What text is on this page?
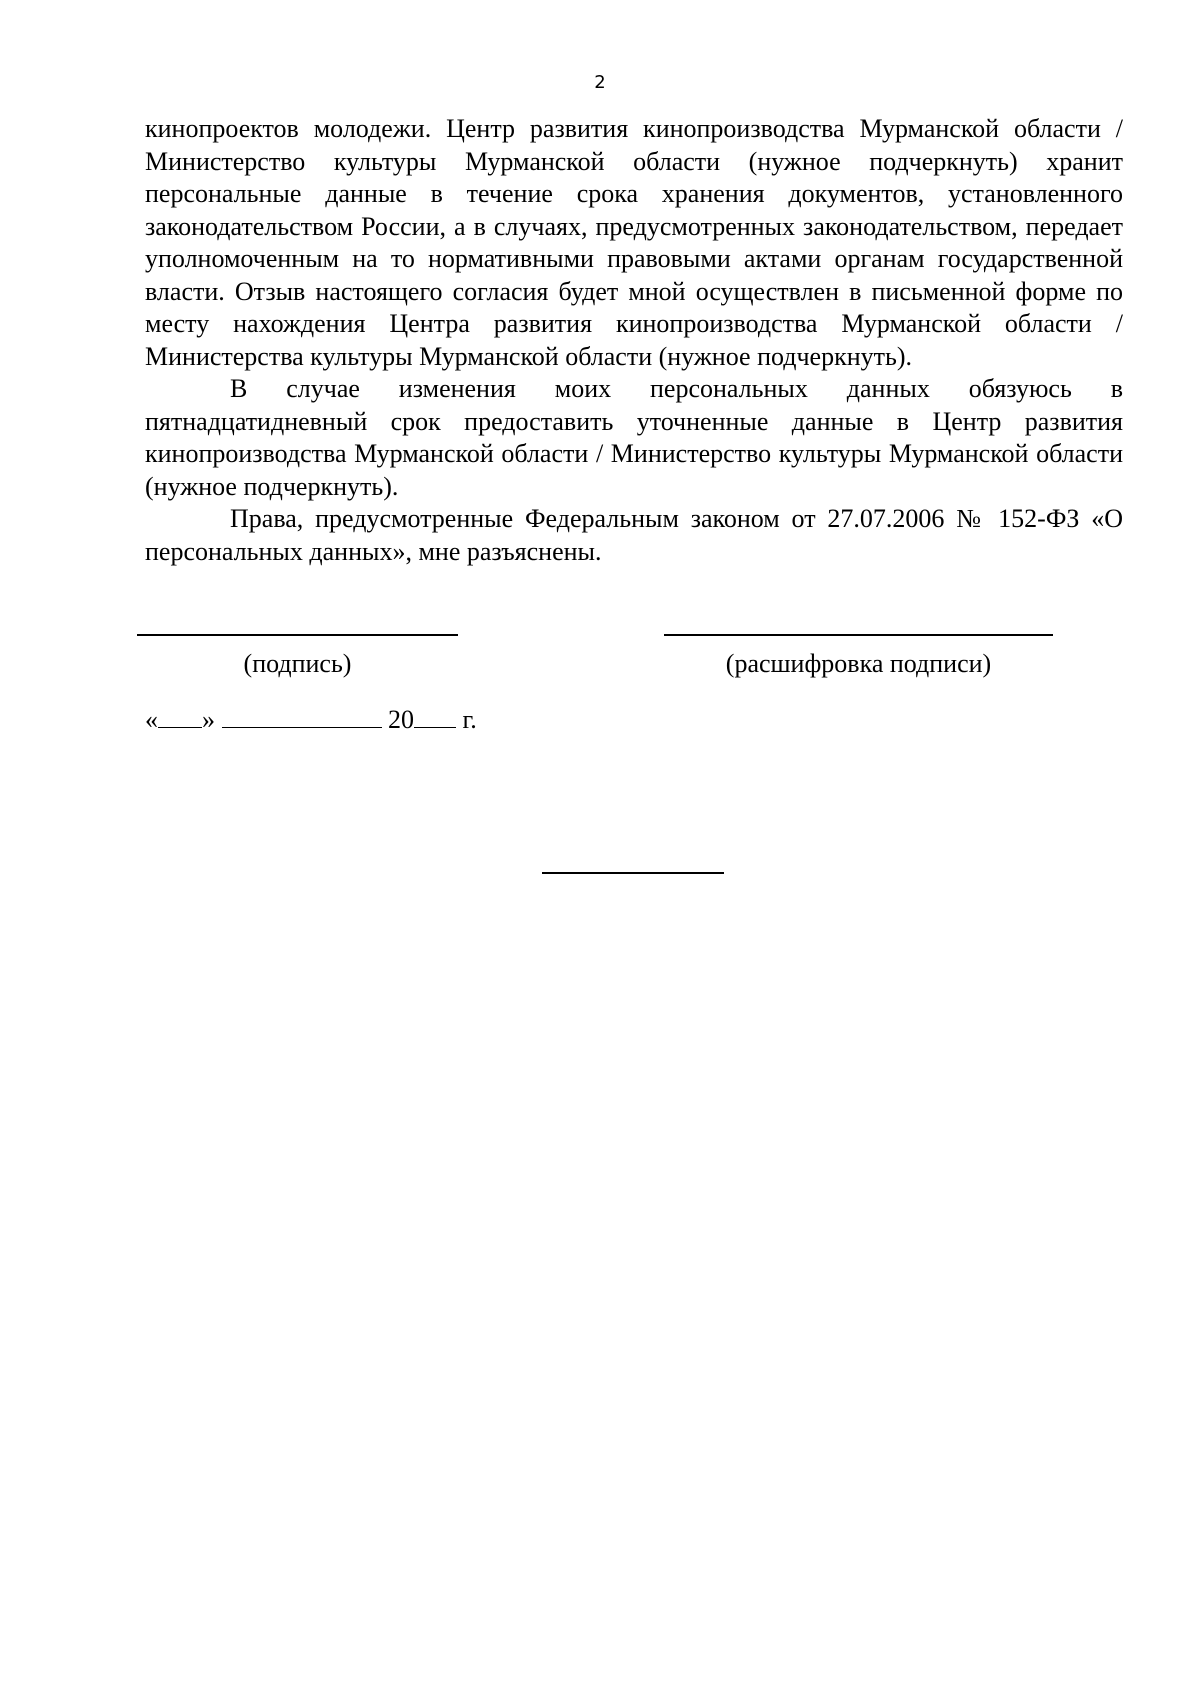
2

кинопроектов молодежи. Центр развития кинопроизводства Мурманской области / Министерство культуры Мурманской области (нужное подчеркнуть) хранит персональные данные в течение срока хранения документов, установленного законодательством России, а в случаях, предусмотренных законодательством, передает уполномоченным на то нормативными правовыми актами органам государственной власти. Отзыв настоящего согласия будет мной осуществлен в письменной форме по месту нахождения Центра развития кинопроизводства Мурманской области / Министерства культуры Мурманской области (нужное подчеркнуть).

В случае изменения моих персональных данных обязуюсь в пятнадцатидневный срок предоставить уточненные данные в Центр развития кинопроизводства Мурманской области / Министерство культуры Мурманской области (нужное подчеркнуть).

Права, предусмотренные Федеральным законом от 27.07.2006 № 152-ФЗ «О персональных данных», мне разъяснены.

(подпись)	(расшифровка подписи)
« »	20 г.
